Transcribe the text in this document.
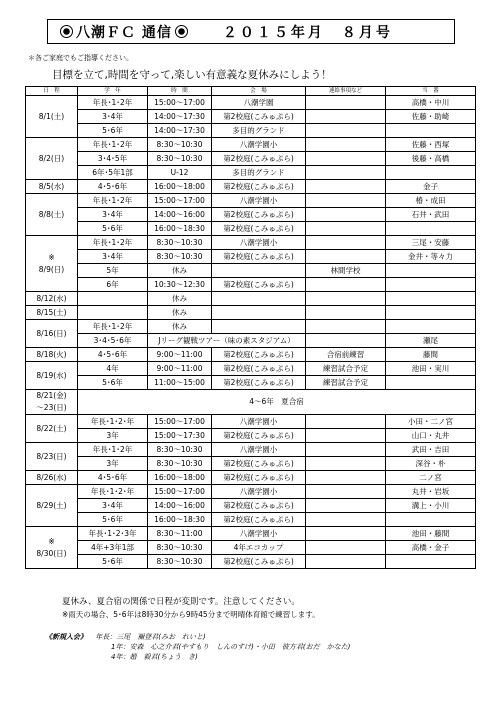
八潮ＦＣ 通信	２０１５年月　８月号
＊各ご家庭でもご指導ください。
目標を立て,時間を守って,楽しい有意義な夏休みにしよう！
日　程	学　年	時　間	会　場	連絡事項など	当　番
8/1(土)	年長･1･2年	15:00～17:00	八潮学園		高橋・中川
	3･4年	14:00～17:30	第2校庭(こみゅぷら)		佐藤・助崎
	5･6年	14:00～17:30	多目的グランド		
8/2(日)	年長･1･2年	8:30～10:30	八潮学園小		佐藤・西塚
	3･4･5年	8:30～10:30	第2校庭(こみゅぷら)		後藤・高橋
	6年･5年1部	U-12	多目的グランド		
8/5(水)	4･5･6年	16:00～18:00	第2校庭(こみゅぷら)		金子
8/8(土)	年長･1･2年	15:00～17:00	八潮学園小		椿・成田
	3･4年	14:00～16:00	第2校庭(こみゅぷら)		石井・武田
	5･6年	16:00～18:30	第2校庭(こみゅぷら)		
※
8/9(日)	年長･1･2年	8:30～10:30	八潮学園小		三尾・安藤
	3･4年	8:30～10:30	第2校庭(こみゅぷら)		金井・等々力
	5年	休み		林間学校	
	6年	10:30～12:30	第2校庭(こみゅぷら)		
8/12(水)		休み			
8/15(土)		休み			
8/16(日)	年長･1･2年	休み			
	3･4･5･6年	Jリーグ観戦ツアー（味の素スタジアム）			瀬尾
8/18(火)	4･5･6年	9:00～11:00	第2校庭(こみゅぷら)	合宿前練習	藤間
8/19(水)	4年	9:00～11:00	第2校庭(こみゅぷら)	練習試合予定	池田・実川
	5･6年	11:00～15:00	第2校庭(こみゅぷら)	練習試合予定	
8/21(金)
～23(日)	4～6年　夏合宿				
8/22(土)	年長･1･2･年	15:00～17:00	八潮学園小		小田・二ノ宮
	3年	15:00～17:30	第2校庭(こみゅぷら)		山口・丸井
8/23(日)	年長･1･2年	8:30～10:30	八潮学園小		武田・吉田
	3年	8:30～10:30	第2校庭(こみゅぷら)		深谷・朴
8/26(水)	4･5･6年	16:00～18:00	第2校庭(こみゅぷら)		二ノ宮
8/29(土)	年長･1･2･年	15:00～17:00	八潮学園小		丸井・岩坂
	3･4年	14:00～16:00	第2校庭(こみゅぷら)		溝上・小川
	5･6年	16:00～18:30	第2校庭(こみゅぷら)		
※
8/30(日)	年長･1･2･3年	8:30～11:00	八潮学園小		池田・藤間
	4年+3年1部	8:30～10:30	4年エコカップ		高橋・金子
	5･6年	8:30～10:30	第2校庭(こみゅぷら)		
夏休み、夏合宿の関係で日程が変則です。注意してください。
※雨天の場合、5･6年は8時30分から9時45分まで明晴体育館で練習します。
《新規入会》 年長：三尾　禰登君(みお　れいと)
1年：安森　心之介君(やすもり　しんのすけ)・小田　彼方君(おだ　かなた)
4年：趙　毅君(ちょう　き)
